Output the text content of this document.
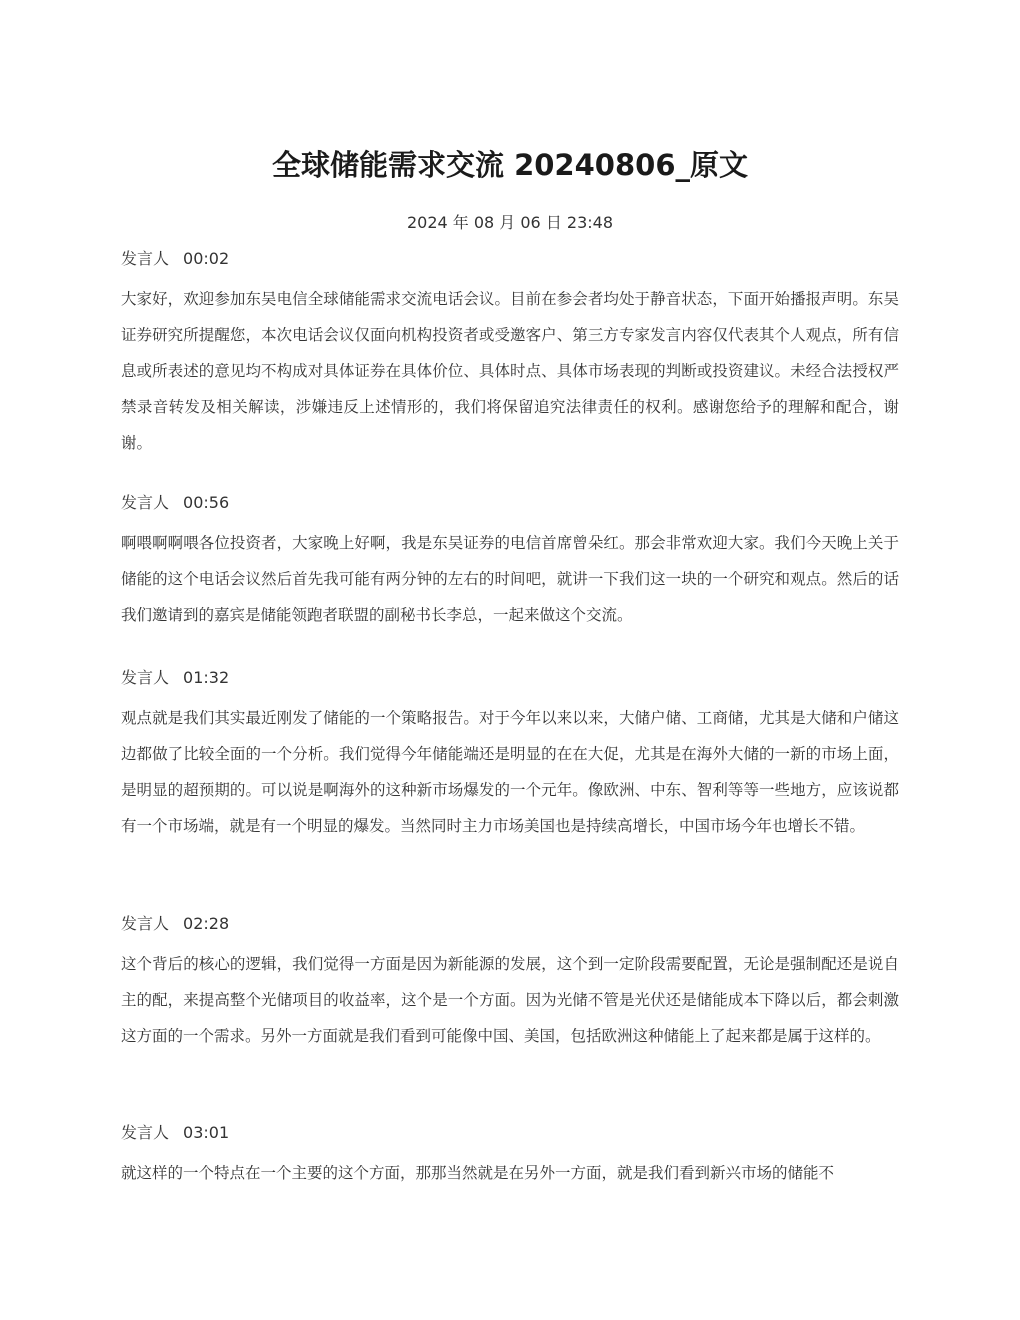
全球储能需求交流 20240806_原文
2024 年 08 月 06 日 23:48
发言人 00:02
大家好，欢迎参加东吴电信全球储能需求交流电话会议。目前在参会者均处于静音状态，下面开始播报声明。东吴证券研究所提醒您，本次电话会议仅面向机构投资者或受邀客户、第三方专家发言内容仅代表其个人观点，所有信息或所表述的意见均不构成对具体证券在具体价位、具体时点、具体市场表现的判断或投资建议。未经合法授权严禁录音转发及相关解读，涉嫌违反上述情形的，我们将保留追究法律责任的权利。感谢您给予的理解和配合，谢谢。
发言人 00:56
啊喂啊啊喂各位投资者，大家晚上好啊，我是东吴证券的电信首席曾朵红。那会非常欢迎大家。我们今天晚上关于储能的这个电话会议然后首先我可能有两分钟的左右的时间吧，就讲一下我们这一块的一个研究和观点。然后的话我们邀请到的嘉宾是储能领跑者联盟的副秘书长李总，一起来做这个交流。
发言人 01:32
观点就是我们其实最近刚发了储能的一个策略报告。对于今年以来以来，大储户储、工商储，尤其是大储和户储这边都做了比较全面的一个分析。我们觉得今年储能端还是明显的在在大促，尤其是在海外大储的一新的市场上面，是明显的超预期的。可以说是啊海外的这种新市场爆发的一个元年。像欧洲、中东、智利等等一些地方，应该说都有一个市场端，就是有一个明显的爆发。当然同时主力市场美国也是持续高增长，中国市场今年也增长不错。
发言人 02:28
这个背后的核心的逻辑，我们觉得一方面是因为新能源的发展，这个到一定阶段需要配置，无论是强制配还是说自主的配，来提高整个光储项目的收益率，这个是一个方面。因为光储不管是光伏还是储能成本下降以后，都会刺激这方面的一个需求。另外一方面就是我们看到可能像中国、美国，包括欧洲这种储能上了起来都是属于这样的。
发言人 03:01
就这样的一个特点在一个主要的这个方面，那那当然就是在另外一方面，就是我们看到新兴市场的储能不
